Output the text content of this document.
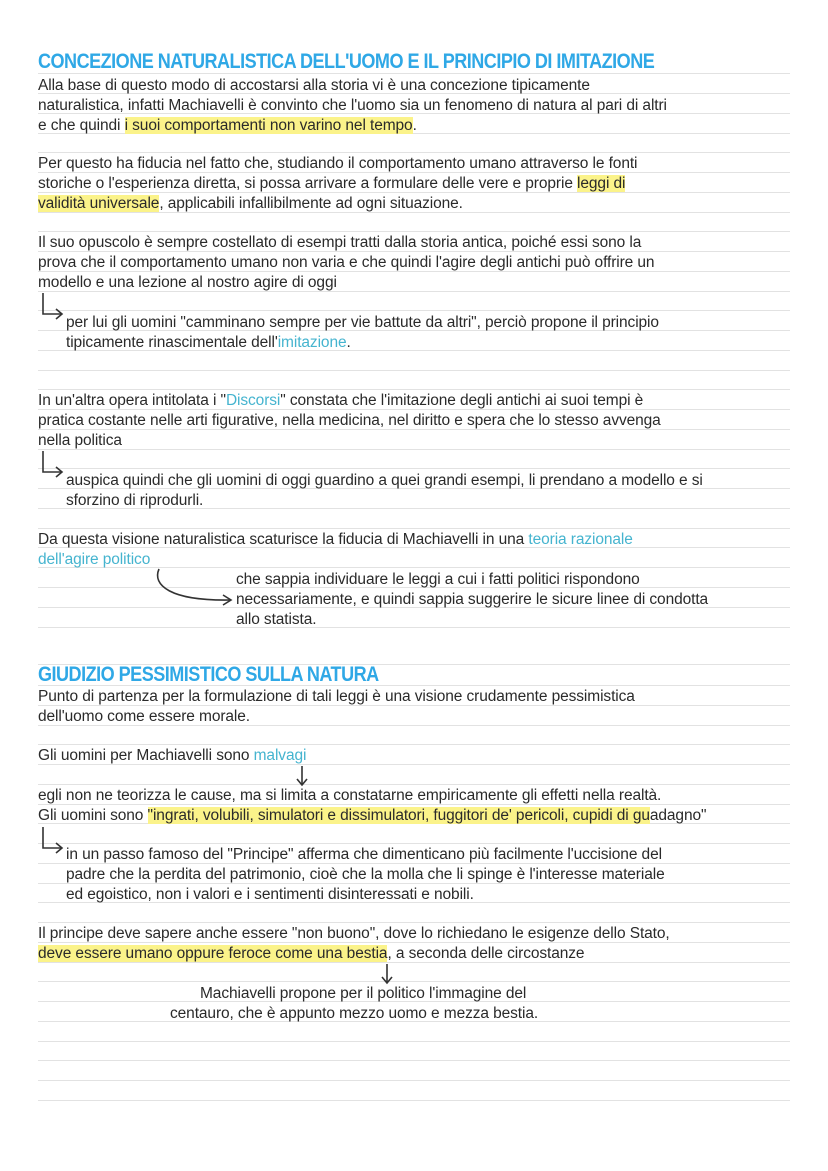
CONCEZIONE NATURALISTICA DELL'UOMO E IL PRINCIPIO DI IMITAZIONE

Alla base di questo modo di accostarsi alla storia vi è una concezione tipicamente

naturalistica, infatti Machiavelli è convinto che l'uomo sia un fenomeno di natura al pari di altri

e che quindi i suoi comportamenti non varino nel tempo.

Per questo ha fiducia nel fatto che, studiando il comportamento umano attraverso le fonti

storiche o l'esperienza diretta, si possa arrivare a formulare delle vere e proprie leggi di

validità universale, applicabili infallibilmente ad ogni situazione.

Il suo opuscolo è sempre costellato di esempi tratti dalla storia antica, poiché essi sono la

prova che il comportamento umano non varia e che quindi l'agire degli antichi può offrire un

modello e una lezione al nostro agire di oggi

per lui gli uomini "camminano sempre per vie battute da altri", perciò propone il principio

tipicamente rinascimentale dell'imitazione.

In un'altra opera intitolata i "Discorsi" constata che l'imitazione degli antichi ai suoi tempi è

pratica costante nelle arti figurative, nella medicina, nel diritto e spera che lo stesso avvenga

nella politica

auspica quindi che gli uomini di oggi guardino a quei grandi esempi, li prendano a modello e si

sforzino di riprodurli.

Da questa visione naturalistica scaturisce la fiducia di Machiavelli in una teoria razionale

dell'agire politico

che sappia individuare le leggi a cui i fatti politici rispondono

necessariamente, e quindi sappia suggerire le sicure linee di condotta

allo statista.

GIUDIZIO PESSIMISTICO SULLA NATURA

Punto di partenza per la formulazione di tali leggi è una visione crudamente pessimistica

dell'uomo come essere morale.

Gli uomini per Machiavelli sono malvagi

egli non ne teorizza le cause, ma si limita a constatarne empiricamente gli effetti nella realtà.

Gli uomini sono "ingrati, volubili, simulatori e dissimulatori, fuggitori de' pericoli, cupidi di guadagno"

in un passo famoso del "Principe" afferma che dimenticano più facilmente l'uccisione del

padre che la perdita del patrimonio, cioè che la molla che li spinge è l'interesse materiale

ed egoistico, non i valori e i sentimenti disinteressati e nobili.

Il principe deve sapere anche essere "non buono", dove lo richiedano le esigenze dello Stato,

deve essere umano oppure feroce come una bestia, a seconda delle circostanze

Machiavelli propone per il politico l'immagine del

centauro, che è appunto mezzo uomo e mezza bestia.
